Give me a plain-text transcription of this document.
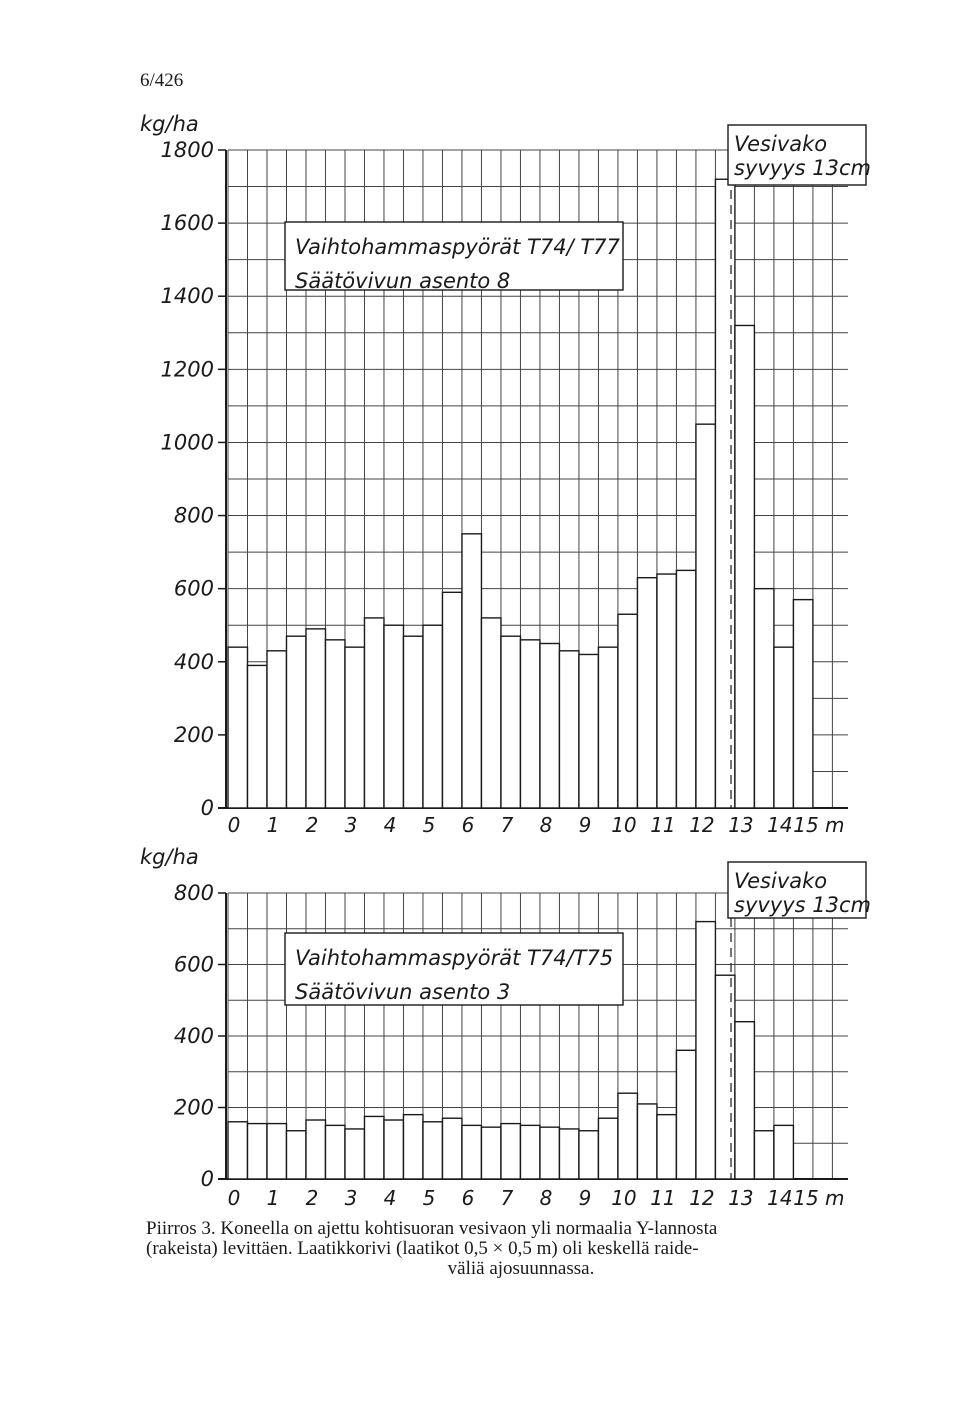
6/426
0
200
400
600
800
1000
1200
1400
1600
1800
kg/ha
0 1 2 3 4 5 6 7 8 9 10 11 12 13 14 15 m
Vaihtohammaspyörät T74/ T77
Säätövivun asento 8
Vesivako
syvyys 13cm
0
200
400
600
800
kg/ha
0 1 2 3 4 5 6 7 8 9 10 11 12 13 14 15 m
Vaihtohammaspyörät T74/T75
Säätövivun asento 3
Vesivako
syvyys 13cm
Piirros 3. Koneella on ajettu kohtisuoran vesivaon yli normaalia Y-lannosta
(rakeista) levittäen. Laatikkorivi (laatikot 0,5 × 0,5 m) oli keskellä raide-
väliä ajosuunnassa.
